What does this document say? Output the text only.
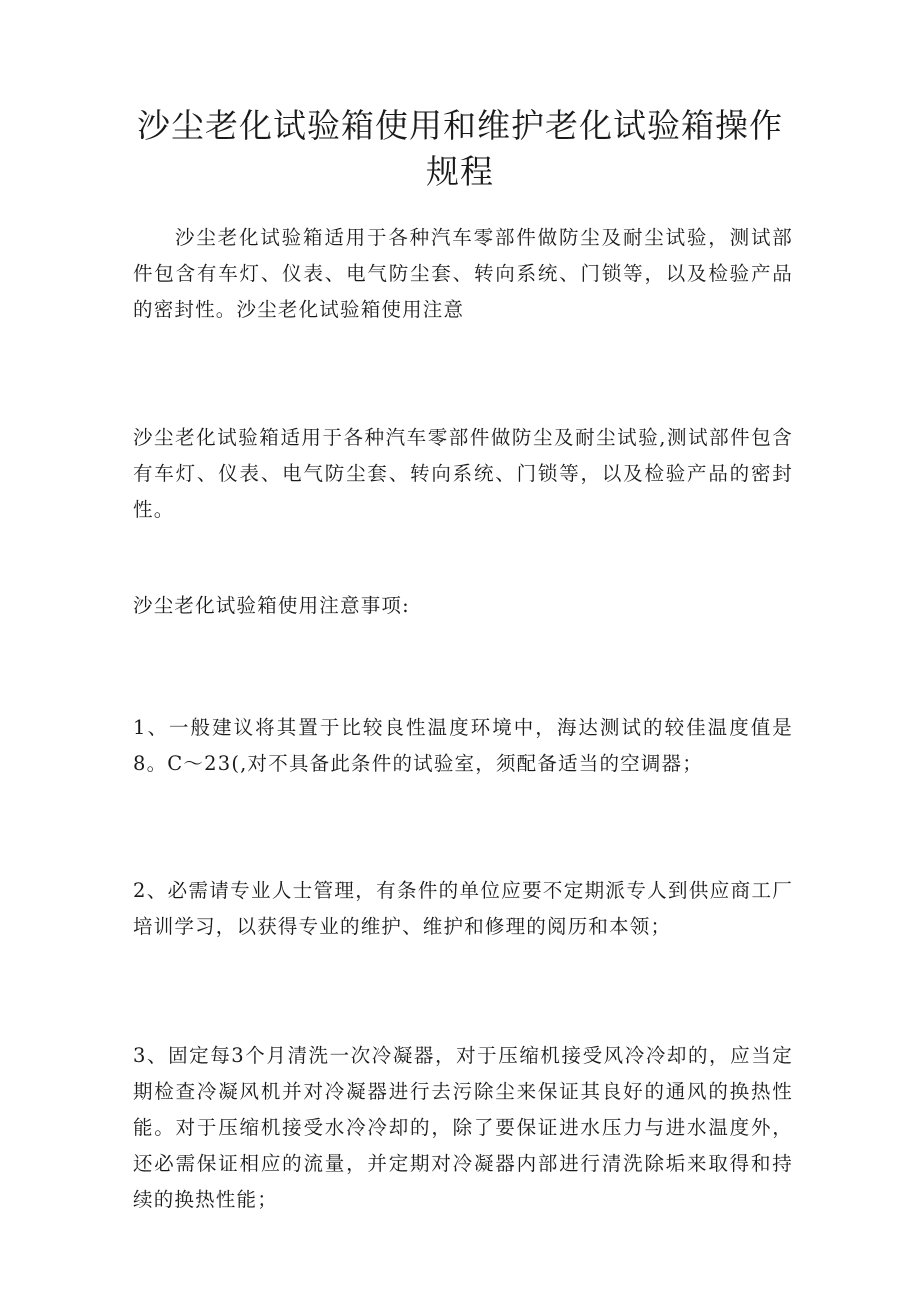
沙尘老化试验箱使用和维护老化试验箱操作
规程

沙尘老化试验箱适用于各种汽车零部件做防尘及耐尘试验，测试部件包含有车灯、仪表、电气防尘套、转向系统、门锁等，以及检验产品的密封性。沙尘老化试验箱使用注意

沙尘老化试验箱适用于各种汽车零部件做防尘及耐尘试验,测试部件包含有车灯、仪表、电气防尘套、转向系统、门锁等，以及检验产品的密封性。

沙尘老化试验箱使用注意事项:

1、一般建议将其置于比较良性温度环境中，海达测试的较佳温度值是8。C～23(,对不具备此条件的试验室，须配备适当的空调器；

2、必需请专业人士管理，有条件的单位应要不定期派专人到供应商工厂培训学习，以获得专业的维护、维护和修理的阅历和本领；

3、固定每3个月清洗一次冷凝器，对于压缩机接受风冷冷却的，应当定期检查冷凝风机并对冷凝器进行去污除尘来保证其良好的通风的换热性能。对于压缩机接受水冷冷却的，除了要保证进水压力与进水温度外，还必需保证相应的流量，并定期对冷凝器内部进行清洗除垢来取得和持续的换热性能；
